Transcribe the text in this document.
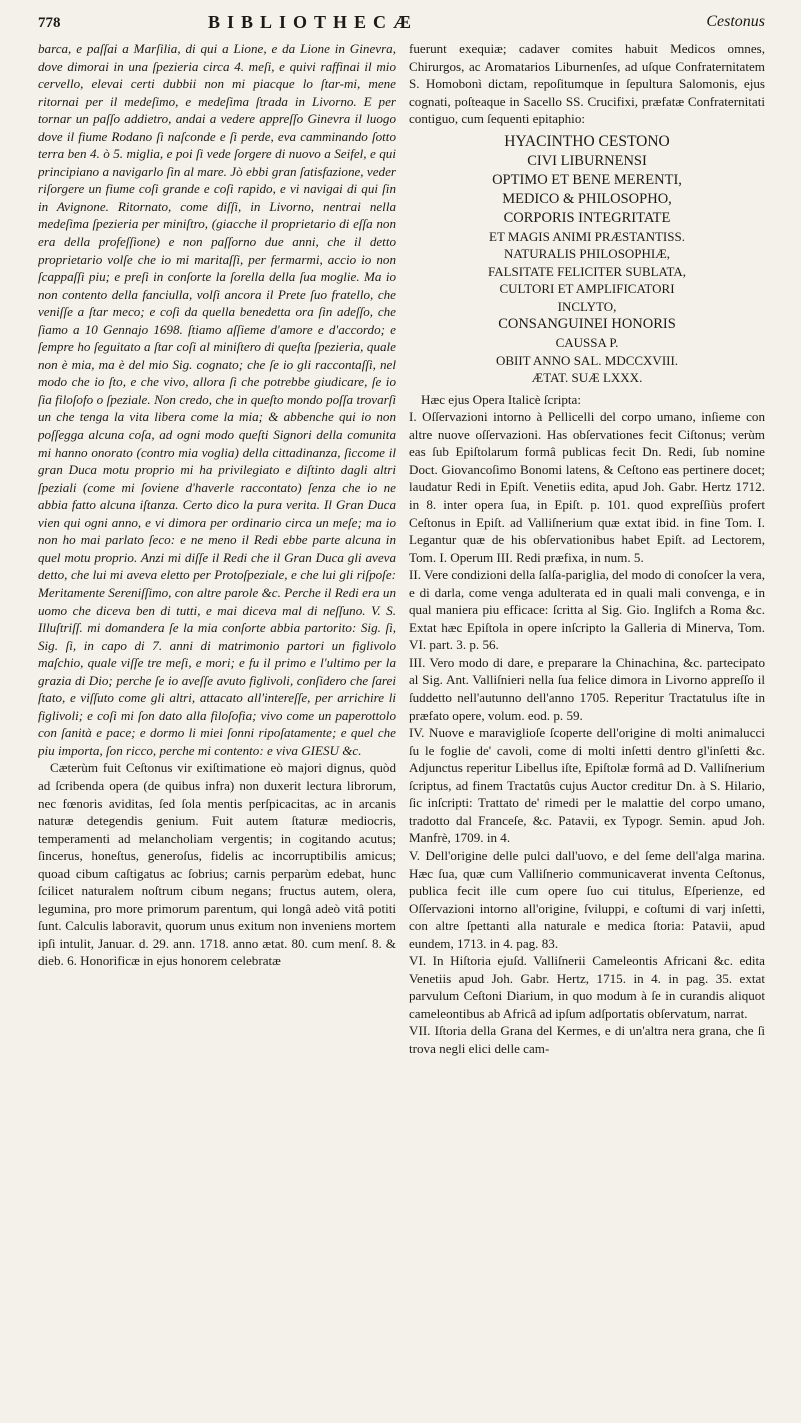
778	BIBLIOTHECÆ	Cestonus

barca, e paſſai a Marſilia, di qui a Lione, e da Lione in Ginevra, dove dimorai in una ſpezieria circa 4. meſi, e quivi raffinai il mio cervello, elevai certi dubbii non mi piacque lo ſtar-mi, mene ritornai per il medeſimo, e medeſima ſtrada in Livorno. E per tornar un paſſo addietro, andai a vedere appreſſo Ginevra il luogo dove il fiume Rodano ſi naſconde e ſi perde, eva camminando ſotto terra ben 4. ò 5. miglia, e poi ſi vede ſorgere di nuovo a Seifel, e qui principiano a navigarlo ſin al mare. Jò ebbi gran ſatisfazione, veder riſorgere un fiume coſi grande e coſi rapido, e vi navigai di qui ſin in Avignone. Ritornato, come diſſi, in Livorno, nentrai nella medeſima ſpezieria per miniſtro, (giacche il proprietario di eſſa non era della profeſſione) e non paſſorno due anni, che il detto proprietario volſe che io mi maritaſſi, per fermarmi, accio io non ſcappaſſi piu; e preſi in conſorte la ſorella della ſua moglie. Ma io non contento della fanciulla, volſi ancora il Prete ſuo fratello, che veniſſe a ſtar meco; e coſi da quella benedetta ora ſin adeſſo, che ſiamo a 10 Gennajo 1698. ſtiamo aſſieme d'amore e d'accordo; e ſempre ho ſeguitato a ſtar coſi al miniſtero di queſta ſpezieria, quale non è mia, ma è del mio Sig. cognato; che ſe io gli raccontaſſi, nel modo che io ſto, e che vivo, allora ſi che potrebbe giudicare, ſe io ſia filoſofo o ſpeziale. Non credo, che in queſto mondo poſſa trovarſi un che tenga la vita libera come la mia; & abbenche qui io non poſſegga alcuna coſa, ad ogni modo queſti Signori della comunita mi hanno onorato (contro mia voglia) della cittadinanza, ſiccome il gran Duca motu proprio mi ha privilegiato e diſtinto dagli altri ſpeziali (come mi ſoviene d'haverle raccontato) ſenza che io ne abbia fatto alcuna iſtanza. Certo dico la pura verita. Il Gran Duca vien qui ogni anno, e vi dimora per ordinario circa un meſe; ma io non ho mai parlato ſeco: e ne meno il Redi ebbe parte alcuna in quel motu proprio. Anzi mi diſſe il Redi che il Gran Duca gli aveva detto, che lui mi aveva eletto per Protoſpeziale, e che lui gli riſpoſe: Meritamente Sereniſſimo, con altre parole &c. Perche il Redi era un uomo che diceva ben di tutti, e mai diceva mal di neſſuno. V. S. Illuſtriſſ. mi domandera ſe la mia conſorte abbia partorito: Sig. ſi, Sig. ſi, in capo di 7. anni di matrimonio partori un figlivolo maſchio, quale viſſe tre meſi, e mori; e fu il primo e l'ultimo per la grazia di Dio; perche ſe io aveſſe avuto figlivoli, conſidero che ſarei ſtato, e viſſuto come gli altri, attacato all'intereſſe, per arrichire li figlivoli; e coſi mi ſon dato alla filoſofia; vivo come un paperottolo con ſanità e pace; e dormo li miei ſonni ripoſatamente; e quel che piu importa, ſon ricco, perche mi contento: e viva GIESU &c.

Cæterùm fuit Ceſtonus vir exiſtimatione eò majori dignus, quòd ad ſcribenda opera (de quibus infra) non duxerit lectura librorum, nec fœnoris aviditas, ſed ſola mentis perſpicacitas, ac in arcanis naturæ detegendis genium. Fuit autem ſtaturæ mediocris, temperamenti ad melancholiam vergentis; in cogitando acutus; ſincerus, honeſtus, generoſus, fidelis ac incorruptibilis amicus; quoad cibum caſtigatus ac ſobrius; carnis perparùm edebat, hunc ſcilicet naturalem noſtrum cibum negans; fructus autem, olera, legumina, pro more primorum parentum, qui longâ adeò vitâ potiti ſunt. Calculis laboravit, quorum unus exitum non inveniens mortem ipſi intulit, Januar. d. 29. ann. 1718. anno ætat. 80. cum menſ. 8. & dieb. 6. Honorificæ in ejus honorem celebratæ

fuerunt exequiæ; cadaver comites habuit Medicos omnes, Chirurgos, ac Aromatarios Liburnenſes, ad uſque Confraternitatem S. Homobonì dictam, repoſitumque in ſepultura Salomonis, ejus cognati, poſteaque in Sacello SS. Crucifixi, præfatæ Confraternitati contiguo, cum ſequenti epitaphio:

HYACINTHO CESTONO

CIVI LIBURNENSI

OPTIMO ET BENE MERENTI,

MEDICO & PHILOSOPHO,

CORPORIS INTEGRITATE

ET MAGIS ANIMI PRÆSTANTISS.

NATURALIS PHILOSOPHIÆ,

FALSITATE FELICITER SUBLATA,

CULTORI ET AMPLIFICATORI

INCLYTO,

CONSANGUINEI HONORIS

CAUSSA P.

OBIIT ANNO SAL. MDCCXVIII.

ÆTAT. SUÆ LXXX.

Hæc ejus Opera Italicè ſcripta:

I. Oſſervazioni intorno à Pellicelli del corpo umano, inſieme con altre nuove oſſervazioni. Has obſervationes fecit Ciſtonus; verùm eas ſub Epiſtolarum formâ publicas fecit Dn. Redi, ſub nomine Doct. Giovancoſimo Bonomi latens, & Ceſtono eas pertinere docet; laudatur Redi in Epiſt. Venetiis edita, apud Joh. Gabr. Hertz 1712. in 8. inter opera ſua, in Epiſt. p. 101. quod expreſſiùs profert Ceſtonus in Epiſt. ad Valliſnerium quæ extat ibid. in fine Tom. I. Legantur quæ de his obſervationibus habet Epiſt. ad Lectorem, Tom. I. Operum III. Redi præfixa, in num. 5.

II. Vere condizioni della ſalſa-pariglia, del modo di conoſcer la vera, e di darla, come venga adulterata ed in quali mali convenga, e in qual maniera piu efficace: ſcritta al Sig. Gio. Inglifch a Roma &c. Extat hæc Epiſtola in opere inſcripto la Galleria di Minerva, Tom. VI. part. 3. p. 56.

III. Vero modo di dare, e preparare la Chinachina, &c. partecipato al Sig. Ant. Valliſnieri nella ſua felice dimora in Livorno appreſſo il ſuddetto nell'autunno dell'anno 1705. Reperitur Tractatulus iſte in præfato opere, volum. eod. p. 59.

IV. Nuove e maraviglioſe ſcoperte dell'origine di molti animalucci ſu le foglie de' cavoli, come di molti inſetti dentro gl'inſetti &c. Adjunctus reperitur Libellus iſte, Epiſtolæ formâ ad D. Valliſnerium ſcriptus, ad finem Tractatûs cujus Auctor creditur Dn. à S. Hilario, ſic inſcripti: Trattato de' rimedi per le malattie del corpo umano, tradotto dal Franceſe, &c. Patavii, ex Typogr. Semin. apud Joh. Manfrè, 1709. in 4.

V. Dell'origine delle pulci dall'uovo, e del ſeme dell'alga marina. Hæc ſua, quæ cum Valliſnerio communicaverat inventa Ceſtonus, publica fecit ille cum opere ſuo cui titulus, Eſperienze, ed Oſſervazioni intorno all'origine, ſviluppi, e coſtumi di varj inſetti, con altre ſpettanti alla naturale e medica ſtoria: Patavii, apud eundem, 1713. in 4. pag. 83.

VI. In Hiſtoria ejuſd. Valliſnerii Cameleontis Africani &c. edita Venetiis apud Joh. Gabr. Hertz, 1715. in 4. in pag. 35. extat parvulum Ceſtoni Diarium, in quo modum à ſe in curandis aliquot cameleontibus ab Africâ ad ipſum adſportatis obſervatum, narrat.

VII. Iſtoria della Grana del Kermes, e di un'altra nera grana, che ſi trova negli elici delle cam-
